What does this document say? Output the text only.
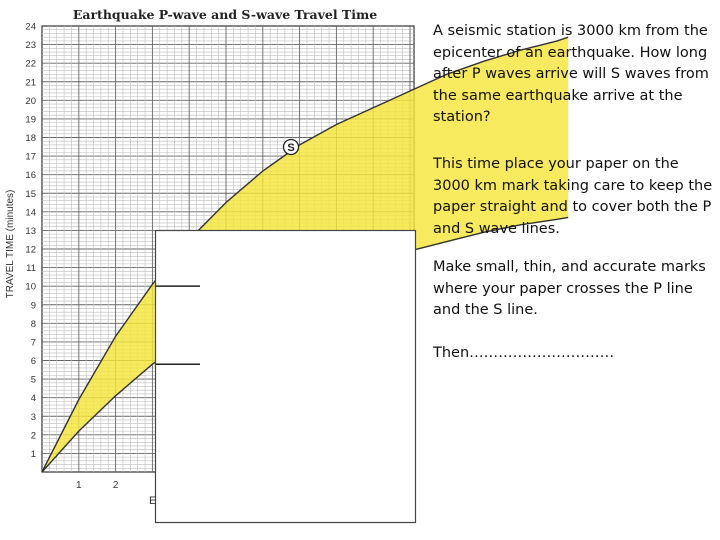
1
2
3
4
5
6
7
8
9
10
11
12
13
14
15
16
17
18
19
20
21
22
23
24
1	2
Earthquake P-wave and S-wave Travel Time
TRAVEL TIME (minutes)
S
E

A seismic station is 3000 km from the epicenter of an earthquake. How long after P waves arrive will S waves from the same earthquake arrive at the station?

This time place your paper on the 3000 km mark taking care to keep the paper straight and to cover both the P and S wave lines.

Make small, thin, and accurate marks where your paper crosses the P line and the S line.

Then…………………………
